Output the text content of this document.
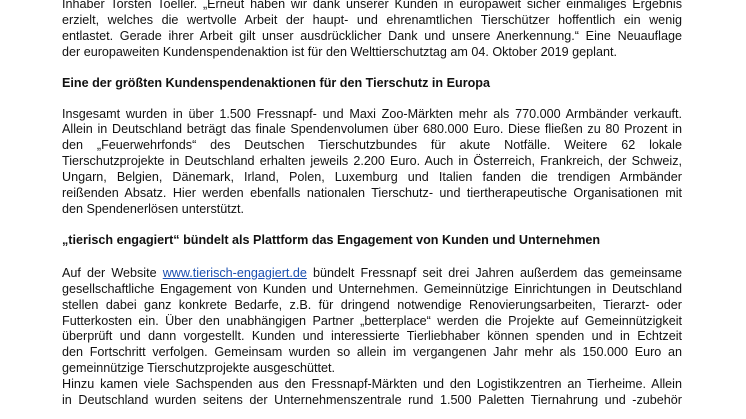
Inhaber Torsten Toeller. „Erneut haben wir dank unserer Kunden in europaweit sicher einmaliges Ergebnis
erzielt, welches die wertvolle Arbeit der haupt- und ehrenamtlichen Tierschützer hoffentlich ein wenig
entlastet. Gerade ihrer Arbeit gilt unser ausdrücklicher Dank und unsere Anerkennung.“ Eine Neuauflage
der europaweiten Kundenspendenaktion ist für den Welttierschutztag am 04. Oktober 2019 geplant.
Eine der größten Kundenspendenaktionen für den Tierschutz in Europa
Insgesamt wurden in über 1.500 Fressnapf- und Maxi Zoo-Märkten mehr als 770.000 Armbänder verkauft.
Allein in Deutschland beträgt das finale Spendenvolumen über 680.000 Euro. Diese fließen zu 80 Prozent in
den „Feuerwehrfonds“ des Deutschen Tierschutzbundes für akute Notfälle. Weitere 62 lokale
Tierschutzprojekte in Deutschland erhalten jeweils 2.200 Euro. Auch in Österreich, Frankreich, der Schweiz,
Ungarn, Belgien, Dänemark, Irland, Polen, Luxemburg und Italien fanden die trendigen Armbänder
reißenden Absatz. Hier werden ebenfalls nationalen Tierschutz- und tiertherapeutische Organisationen mit
den Spendenerlösen unterstützt.
„tierisch engagiert“ bündelt als Plattform das Engagement von Kunden und Unternehmen
Auf der Website www.tierisch-engagiert.de bündelt Fressnapf seit drei Jahren außerdem das gemeinsame
gesellschaftliche Engagement von Kunden und Unternehmen. Gemeinnützige Einrichtungen in Deutschland
stellen dabei ganz konkrete Bedarfe, z.B. für dringend notwendige Renovierungsarbeiten, Tierarzt- oder
Futterkosten ein. Über den unabhängigen Partner „betterplace“ werden die Projekte auf Gemeinnützigkeit
überprüft und dann vorgestellt. Kunden und interessierte Tierliebhaber können spenden und in Echtzeit
den Fortschritt verfolgen. Gemeinsam wurden so allein im vergangenen Jahr mehr als 150.000 Euro an
gemeinnützige Tierschutzprojekte ausgeschüttet.
Hinzu kamen viele Sachspenden aus den Fressnapf-Märkten und den Logistikzentren an Tierheime. Allein
in Deutschland wurden seitens der Unternehmenszentrale rund 1.500 Paletten Tiernahrung und -zubehör
